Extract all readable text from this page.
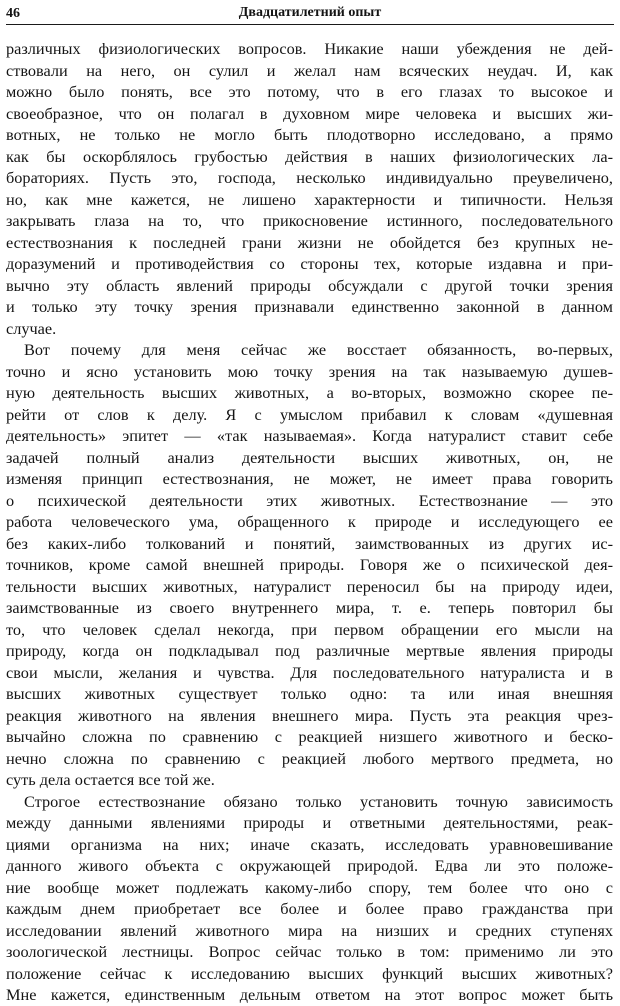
46	Двадцатилетний опыт
различных физиологических вопросов. Никакие наши убеждения не дей-
ствовали на него, он сулил и желал нам всяческих неудач. И, как
можно было понять, все это потому, что в его глазах то высокое и
своеобразное, что он полагал в духовном мире человека и высших жи-
вотных, не только не могло быть плодотворно исследовано, а прямо
как бы оскорблялось грубостью действия в наших физиологических ла-
бораториях. Пусть это, господа, несколько индивидуально преувеличено,
но, как мне кажется, не лишено характерности и типичности. Нельзя
закрывать глаза на то, что прикосновение истинного, последовательного
естествознания к последней грани жизни не обойдется без крупных не-
доразумений и противодействия со стороны тех, которые издавна и при-
вычно эту область явлений природы обсуждали с другой точки зрения
и только эту точку зрения признавали единственно законной в данном
случае.
Вот почему для меня сейчас же восстает обязанность, во-первых,
точно и ясно установить мою точку зрения на так называемую душев-
ную деятельность высших животных, а во-вторых, возможно скорее пе-
рейти от слов к делу. Я с умыслом прибавил к словам «душевная
деятельность» эпитет — «так называемая». Когда натуралист ставит себе
задачей полный анализ деятельности высших животных, он, не
изменяя принцип естествознания, не может, не имеет права говорить
о психической деятельности этих животных. Естествознание — это
работа человеческого ума, обращенного к природе и исследующего ее
без каких-либо толкований и понятий, заимствованных из других ис-
точников, кроме самой внешней природы. Говоря же о психической дея-
тельности высших животных, натуралист переносил бы на природу идеи,
заимствованные из своего внутреннего мира, т. е. теперь повторил бы
то, что человек сделал некогда, при первом обращении его мысли на
природу, когда он подкладывал под различные мертвые явления природы
свои мысли, желания и чувства. Для последовательного натуралиста и в
высших животных существует только одно: та или иная внешняя
реакция животного на явления внешнего мира. Пусть эта реакция чрез-
вычайно сложна по сравнению с реакцией низшего животного и беско-
нечно сложна по сравнению с реакцией любого мертвого предмета, но
суть дела остается все той же.
Строгое естествознание обязано только установить точную зависимость
между данными явлениями природы и ответными деятельностями, реак-
циями организма на них; иначе сказать, исследовать уравновешивание
данного живого объекта с окружающей природой. Едва ли это положе-
ние вообще может подлежать какому-либо спору, тем более что оно с
каждым днем приобретает все более и более право гражданства при
исследовании явлений животного мира на низших и средних ступенях
зоологической лестницы. Вопрос сейчас только в том: применимо ли это
положение сейчас к исследованию высших функций высших животных?
Мне кажется, единственным дельным ответом на этот вопрос может быть
